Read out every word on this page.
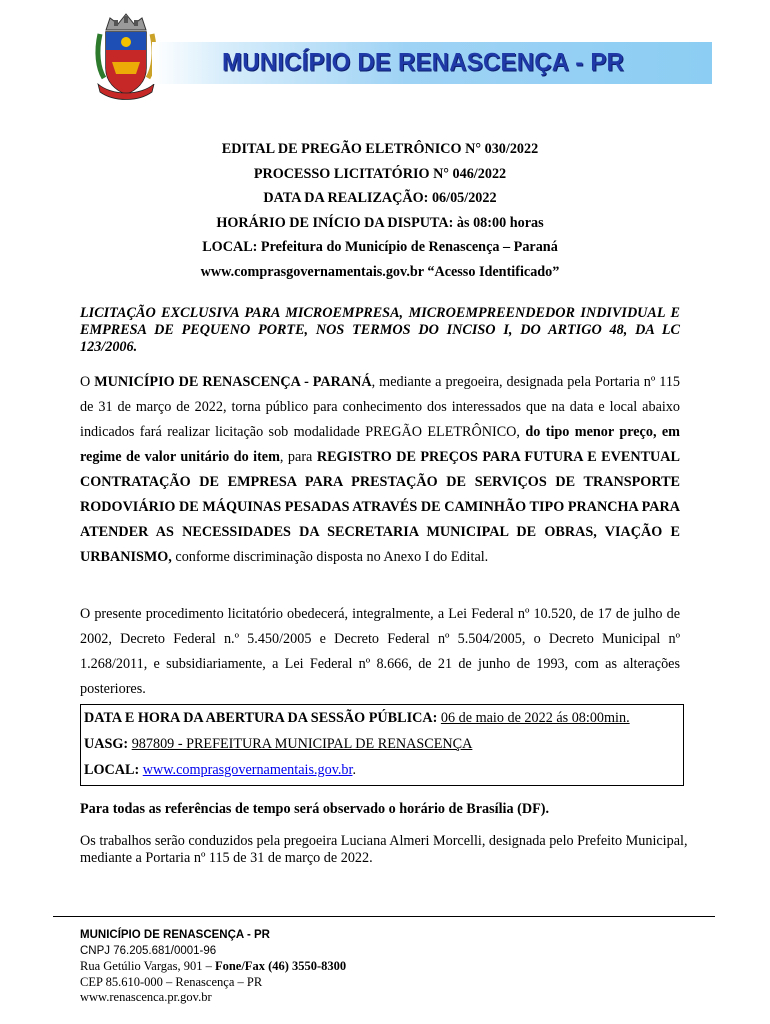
MUNICÍPIO DE RENASCENÇA - PR
EDITAL DE PREGÃO ELETRÔNICO N° 030/2022
PROCESSO LICITATÓRIO N° 046/2022
DATA DA REALIZAÇÃO: 06/05/2022
HORÁRIO DE INÍCIO DA DISPUTA: às 08:00 horas
LOCAL: Prefeitura do Município de Renascença – Paraná
www.comprasgovernamentais.gov.br “Acesso Identificado”
LICITAÇÃO EXCLUSIVA PARA MICROEMPRESA, MICROEMPREENDEDOR INDIVIDUAL E EMPRESA DE PEQUENO PORTE, NOS TERMOS DO INCISO I, DO ARTIGO 48, DA LC 123/2006.
O MUNICÍPIO DE RENASCENÇA - PARANÁ, mediante a pregoeira, designada pela Portaria nº 115 de 31 de março de 2022, torna público para conhecimento dos interessados que na data e local abaixo indicados fará realizar licitação sob modalidade PREGÃO ELETRÔNICO, do tipo menor preço, em regime de valor unitário do item, para REGISTRO DE PREÇOS PARA FUTURA E EVENTUAL CONTRATAÇÃO DE EMPRESA PARA PRESTAÇÃO DE SERVIÇOS DE TRANSPORTE RODOVIÁRIO DE MÁQUINAS PESADAS ATRAVÉS DE CAMINHÃO TIPO PRANCHA PARA ATENDER AS NECESSIDADES DA SECRETARIA MUNICIPAL DE OBRAS, VIAÇÃO E URBANISMO, conforme discriminação disposta no Anexo I do Edital.
O presente procedimento licitatório obedecerá, integralmente, a Lei Federal nº 10.520, de 17 de julho de 2002, Decreto Federal n.º 5.450/2005 e Decreto Federal nº 5.504/2005, o Decreto Municipal nº 1.268/2011, e subsidiariamente, a Lei Federal nº 8.666, de 21 de junho de 1993, com as alterações posteriores.
DATA E HORA DA ABERTURA DA SESSÃO PÚBLICA: 06 de maio de 2022 ás 08:00min.
UASG: 987809 - PREFEITURA MUNICIPAL DE RENASCENÇA
LOCAL: www.comprasgovernamentais.gov.br.
Para todas as referências de tempo será observado o horário de Brasília (DF).
Os trabalhos serão conduzidos pela pregoeira Luciana Almeri Morcelli, designada pelo Prefeito Municipal, mediante a Portaria nº 115 de 31 de março de 2022.
MUNICÍPIO DE RENASCENÇA - PR
CNPJ 76.205.681/0001-96
Rua Getúlio Vargas, 901 – Fone/Fax (46) 3550-8300
CEP 85.610-000 – Renascença – PR
www.renascenca.pr.gov.br
